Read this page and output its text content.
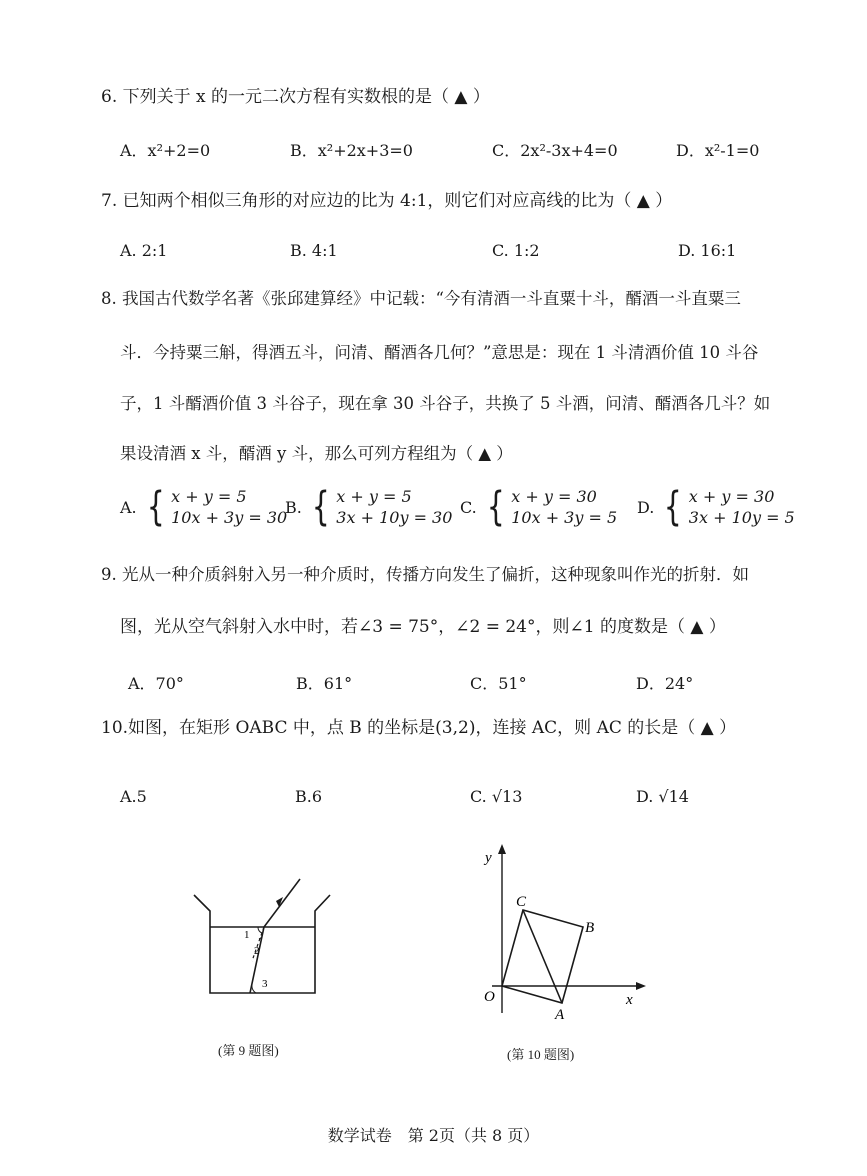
6. 下列关于 x 的一元二次方程有实数根的是（ ▲ ）
A．x²+2=0	B．x²+2x+3=0	C．2x²-3x+4=0	D．x²-1=0
7. 已知两个相似三角形的对应边的比为 4:1，则它们对应高线的比为（ ▲ ）
A. 2:1	B. 4:1	C. 1:2	D. 16:1
8. 我国古代数学名著《张邱建算经》中记载：“今有清酒一斗直粟十斗，醑酒一斗直粟三
斗．今持粟三斛，得酒五斗，问清、醑酒各几何？”意思是：现在 1 斗清酒价值 10 斗谷
子，1 斗醑酒价值 3 斗谷子，现在拿 30 斗谷子，共换了 5 斗酒，问清、醑酒各几斗？如
果设清酒 x 斗，醑酒 y 斗，那么可列方程组为（ ▲ ）
A. { x + y = 5
10x + 3y = 30
B. { x + y = 5
3x + 10y = 30
C. { x + y = 30
10x + 3y = 5
D. { x + y = 30
3x + 10y = 5
9. 光从一种介质斜射入另一种介质时，传播方向发生了偏折，这种现象叫作光的折射．如
图，光从空气斜射入水中时，若∠3 = 75°，∠2 = 24°，则∠1 的度数是（ ▲ ）
A．70°	B．61°	C．51°	D．24°
10.如图，在矩形 OABC 中，点 B 的坐标是(3,2)，连接 AC，则 AC 的长是（ ▲ ）
A.5	B.6	C. √13	D. √14
1
2
3
(第 9 题图)
y
x
O
A
B
C
(第 10 题图)
数学试卷　第 2页（共 8 页）
